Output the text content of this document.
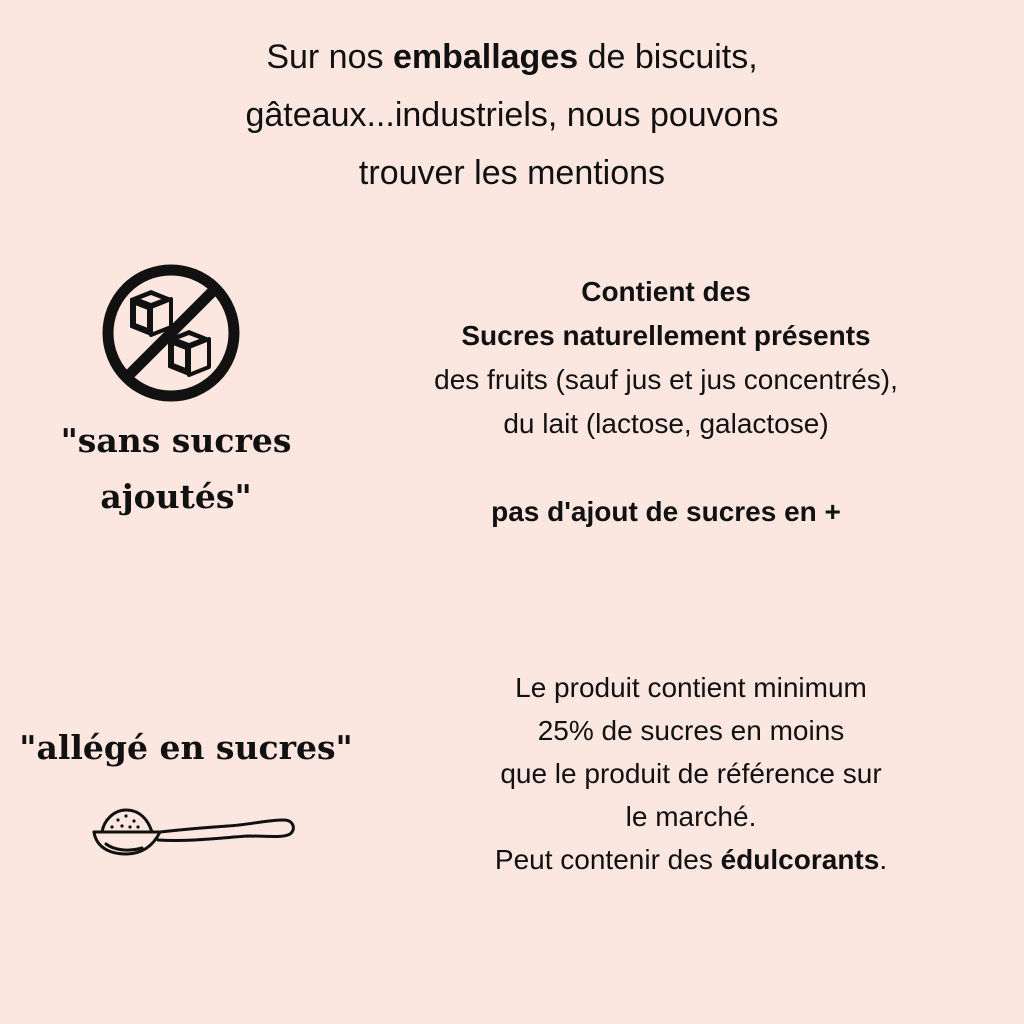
Sur nos emballages de biscuits,
gâteaux...industriels, nous pouvons
trouver les mentions
"sans sucres
ajoutés"
Contient des
Sucres naturellement présents
des fruits (sauf jus et jus concentrés),
du lait (lactose, galactose)
pas d'ajout de sucres en +
"allégé en sucres"
Le produit contient minimum
25% de sucres en moins
que le produit de référence sur
le marché.
Peut contenir des édulcorants.
